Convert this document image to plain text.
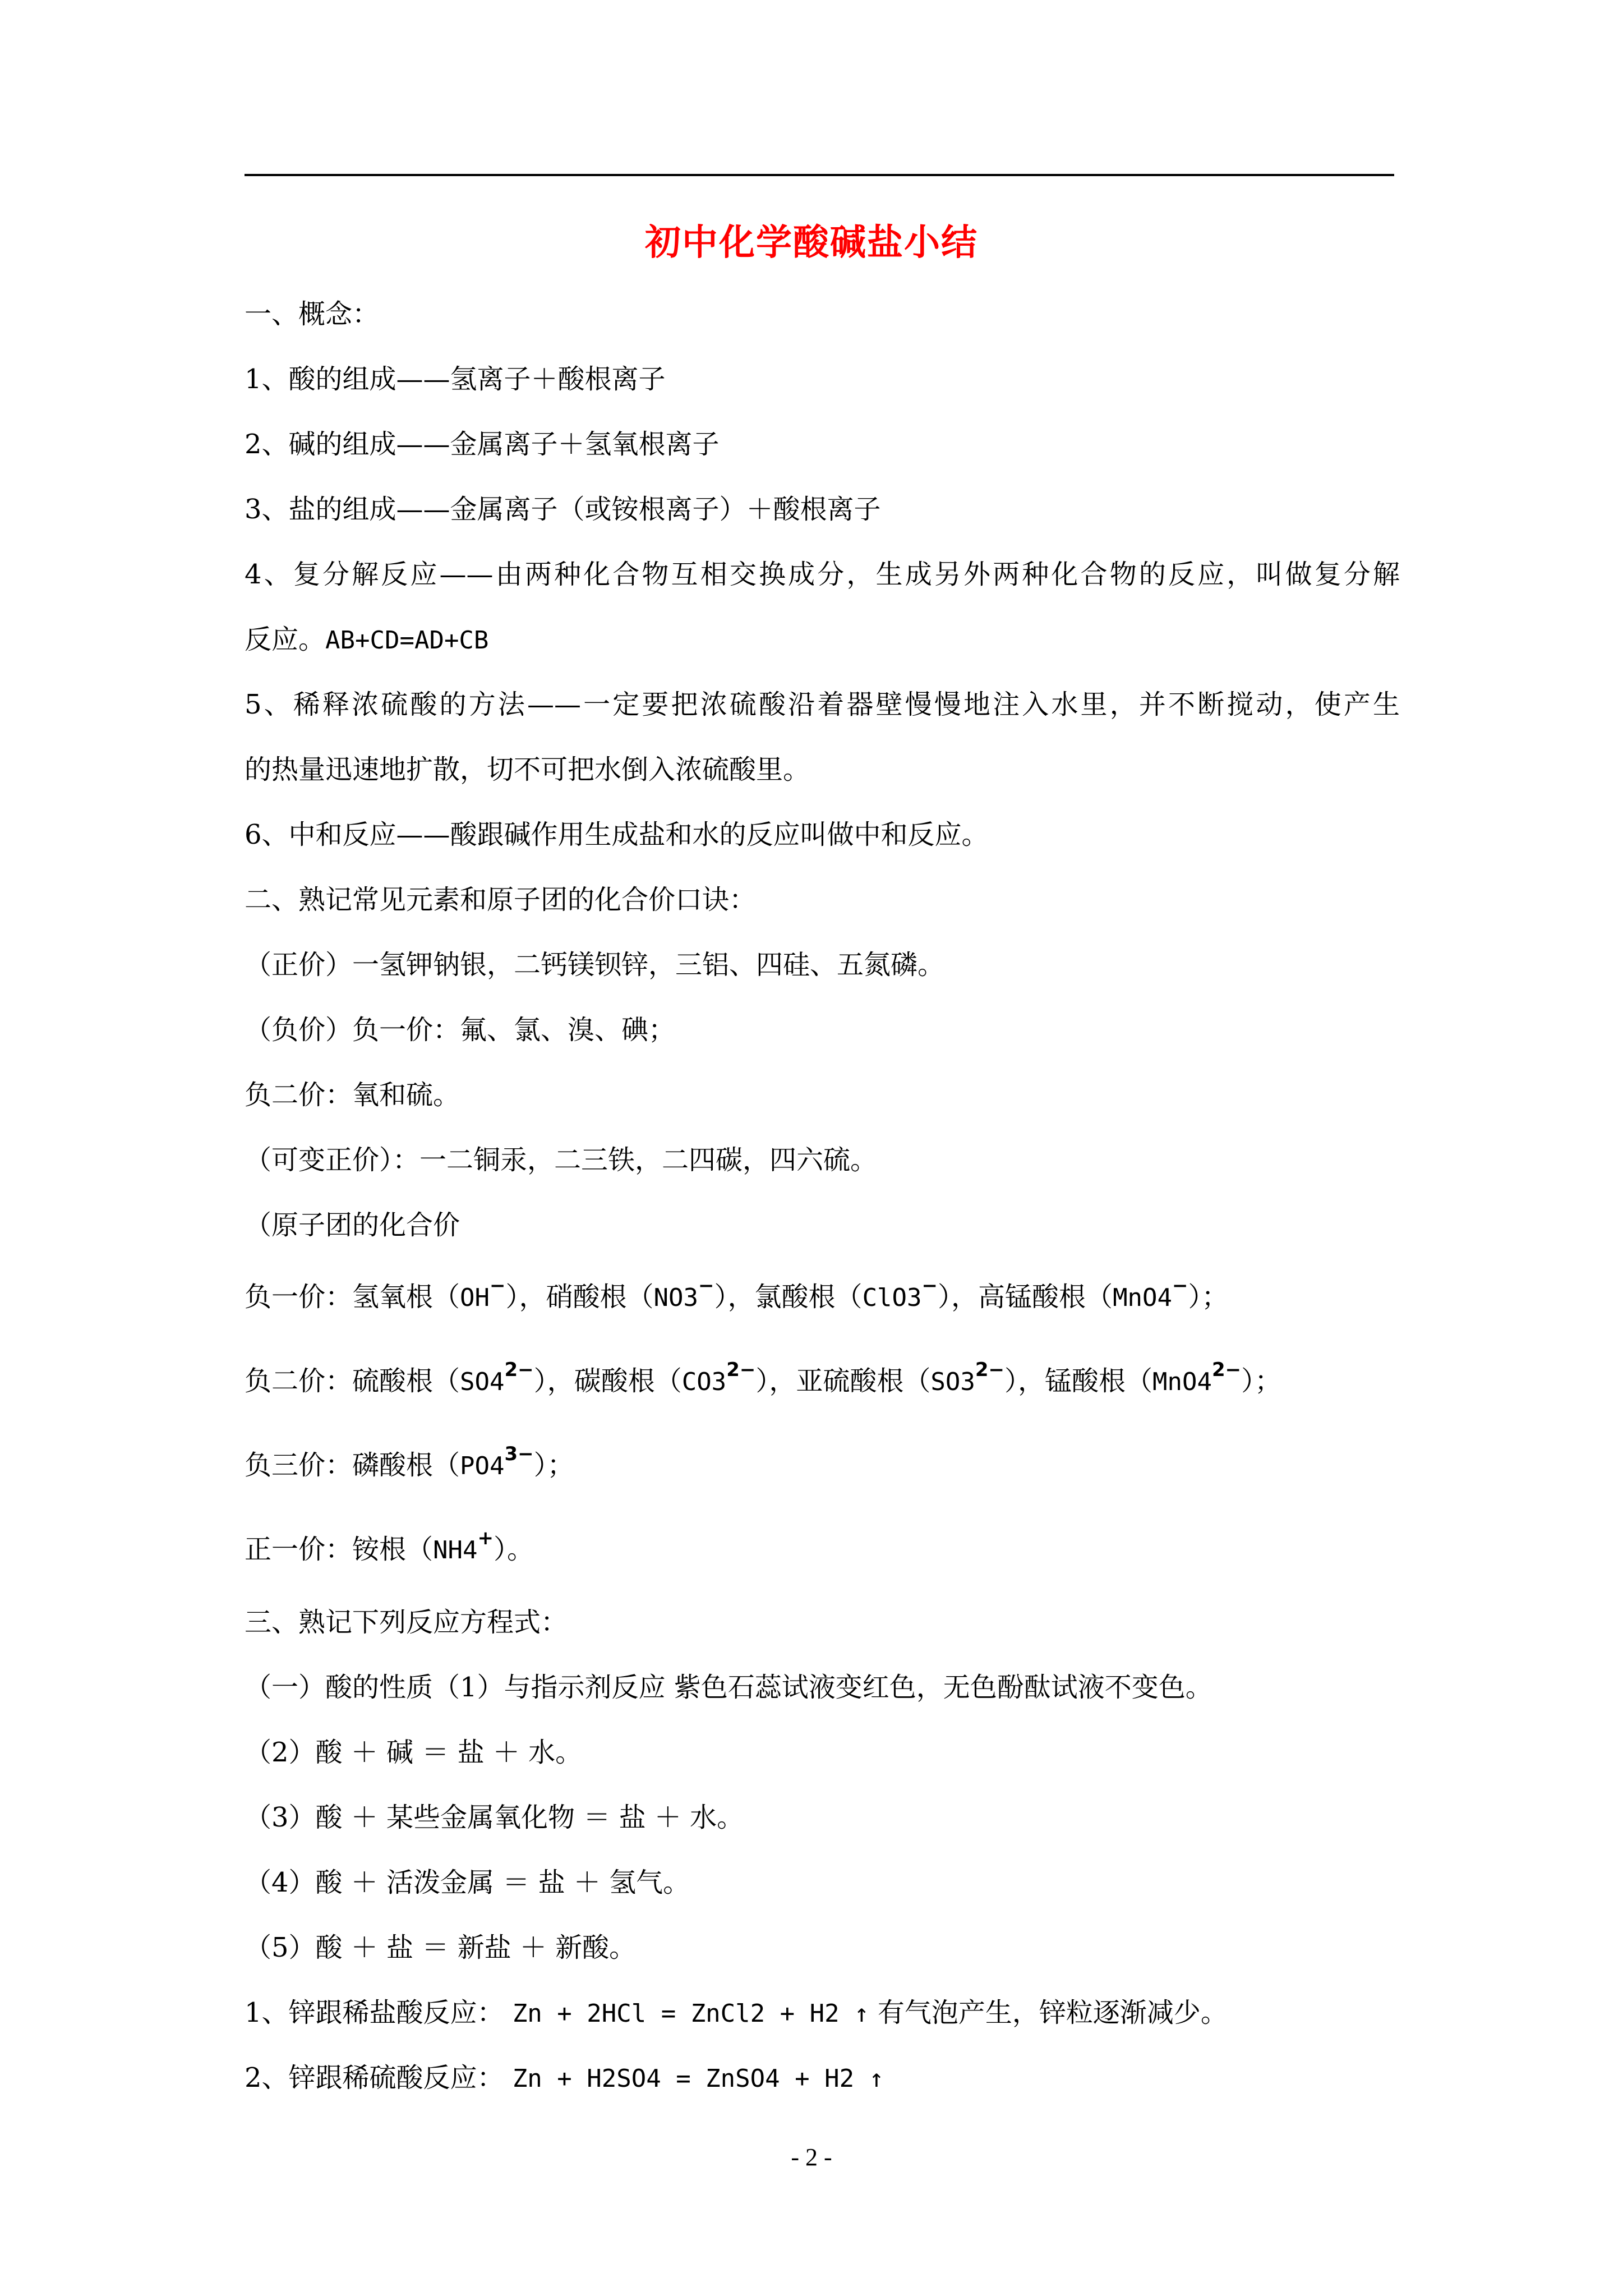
初中化学酸碱盐小结
一、概念：
1、酸的组成——氢离子＋酸根离子
2、碱的组成——金属离子＋氢氧根离子
3、盐的组成——金属离子（或铵根离子）＋酸根离子
4、复分解反应——由两种化合物互相交换成分，生成另外两种化合物的反应，叫做复分解
反应。AB+CD=AD+CB
5、稀释浓硫酸的方法——一定要把浓硫酸沿着器壁慢慢地注入水里，并不断搅动，使产生
的热量迅速地扩散，切不可把水倒入浓硫酸里。
6、中和反应——酸跟碱作用生成盐和水的反应叫做中和反应。
二、熟记常见元素和原子团的化合价口诀：
（正价）一氢钾钠银，二钙镁钡锌，三铝、四硅、五氮磷。
（负价）负一价：氟、氯、溴、碘；
负二价：氧和硫。
（可变正价）：一二铜汞，二三铁，二四碳，四六硫。
（原子团的化合价
负一价：氢氧根（OH−），硝酸根（NO3−），氯酸根（ClO3−），高锰酸根（MnO4−）；
负二价：硫酸根$(SO4^{2-})$，碳酸根$(CO3^{2-})$，亚硫酸根$(SO3^{2-})$，锰酸根$(MnO4^{2-})$；
负三价：磷酸根$(PO4^{3-})$；
正一价：铵根（NH4+）。
三、熟记下列反应方程式：
（一）酸的性质（1）与指示剂反应 紫色石蕊试液变红色，无色酚酞试液不变色。
（2）酸 ＋ 碱 ＝ 盐 ＋ 水。
（3）酸 ＋ 某些金属氧化物 ＝ 盐 ＋ 水。
（4）酸 ＋ 活泼金属 ＝ 盐 ＋ 氢气。
（5）酸 ＋ 盐 ＝ 新盐 ＋ 新酸。
1、锌跟稀盐酸反应： Zn + 2HCl = ZnCl2 + H2 ↑ 有气泡产生，锌粒逐渐减少。
2、锌跟稀硫酸反应： Zn + H2SO4 = ZnSO4 + H2 ↑
- 2 -
